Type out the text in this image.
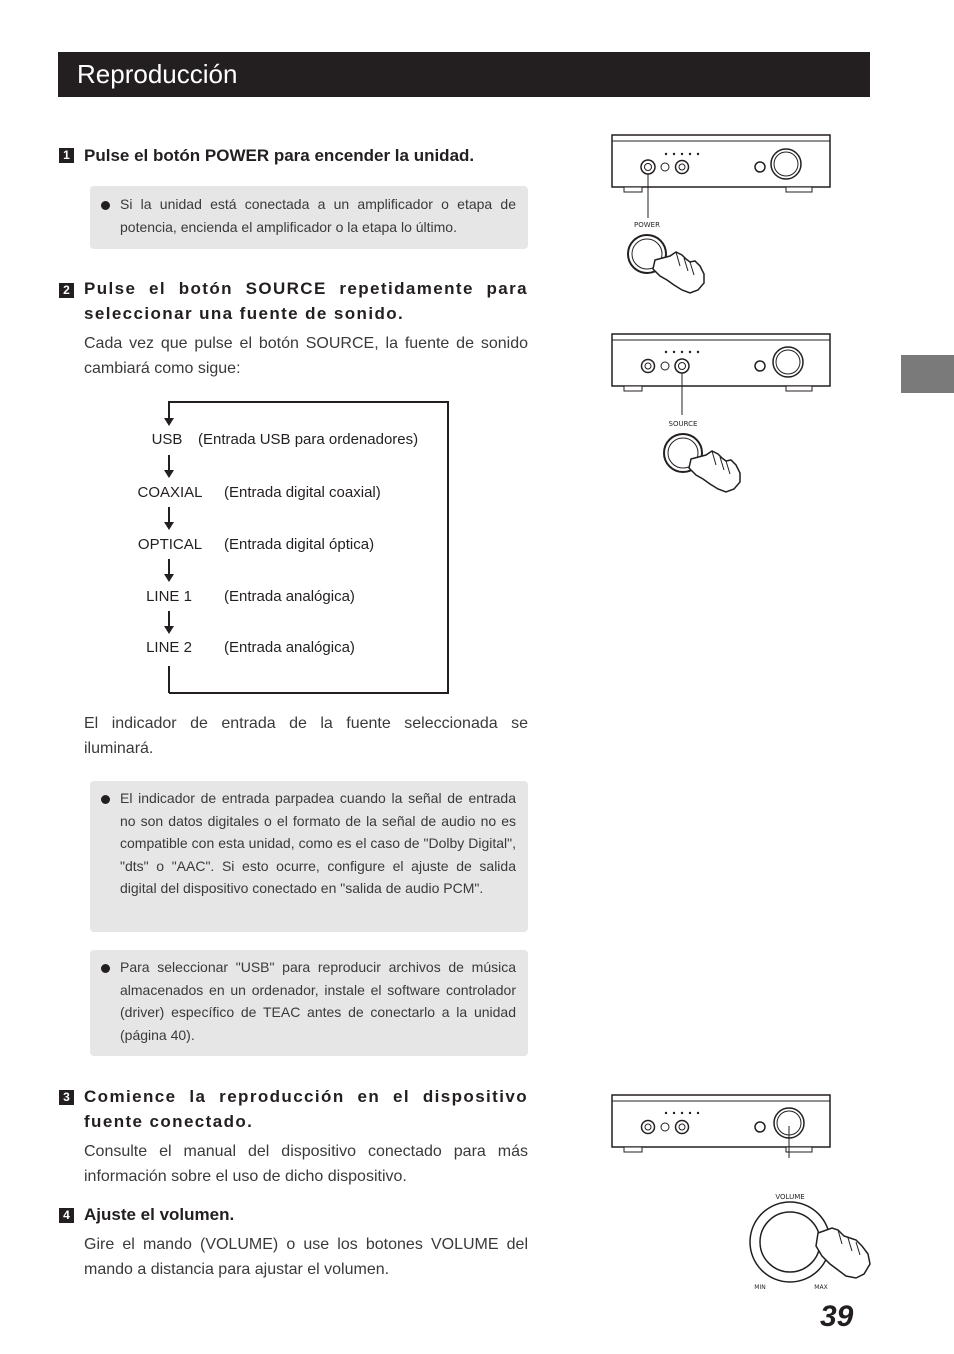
Reproducción
1 Pulse el botón POWER para encender la unidad.
Si la unidad está conectada a un amplificador o etapa de potencia, encienda el amplificador o la etapa lo último.
2 Pulse el botón SOURCE repetidamente para seleccionar una fuente de sonido.
Cada vez que pulse el botón SOURCE, la fuente de sonido cambiará como sigue:
USB	(Entrada USB para ordenadores)
COAXIAL	(Entrada digital coaxial)
OPTICAL	(Entrada digital óptica)
LINE 1	(Entrada analógica)
LINE 2	(Entrada analógica)
El indicador de entrada de la fuente seleccionada se iluminará.
El indicador de entrada parpadea cuando la señal de entrada no son datos digitales o el formato de la señal de audio no es compatible con esta unidad, como es el caso de "Dolby Digital", "dts" o "AAC". Si esto ocurre, configure el ajuste de salida digital del dispositivo conectado en "salida de audio PCM".
Para seleccionar "USB" para reproducir archivos de música almacenados en un ordenador, instale el software controlador (driver) específico de TEAC antes de conectarlo a la unidad (página 40).
3 Comience la reproducción en el dispositivo fuente conectado.
Consulte el manual del dispositivo conectado para más información sobre el uso de dicho dispositivo.
4 Ajuste el volumen.
Gire el mando (VOLUME) o use los botones VOLUME del mando a distancia para ajustar el volumen.
POWER
SOURCE
VOLUME
MIN	MAX
39
